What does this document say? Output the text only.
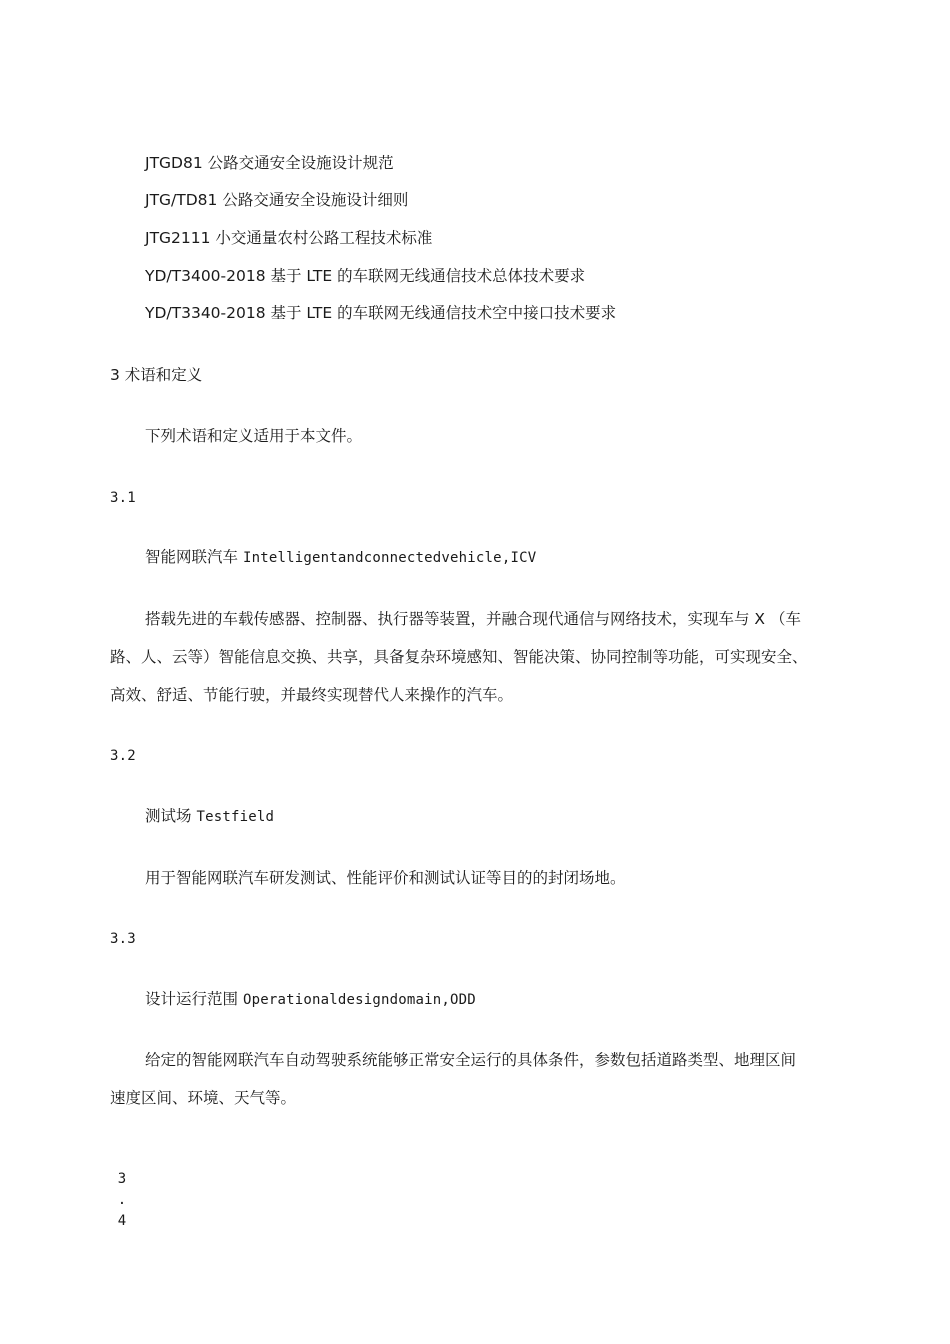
JTGD81 公路交通安全设施设计规范
JTG/TD81 公路交通安全设施设计细则
JTG2111 小交通量农村公路工程技术标准
YD/T3400-2018 基于 LTE 的车联网无线通信技术总体技术要求
YD/T3340-2018 基于 LTE 的车联网无线通信技术空中接口技术要求
3 术语和定义
下列术语和定义适用于本文件。
3.1
智能网联汽车 Intelligentandconnectedvehicle,ICV
搭载先进的车载传感器、控制器、执行器等装置，并融合现代通信与网络技术，实现车与 X （车
路、人、云等）智能信息交换、共享，具备复杂环境感知、智能决策、协同控制等功能，可实现安全、
高效、舒适、节能行驶，并最终实现替代人来操作的汽车。
3.2
测试场 Testfield
用于智能网联汽车研发测试、性能评价和测试认证等目的的封闭场地。
3.3
设计运行范围 Operationaldesigndomain,ODD
给定的智能网联汽车自动驾驶系统能够正常安全运行的具体条件，参数包括道路类型、地理区间
速度区间、环境、天气等。
3
.
4
